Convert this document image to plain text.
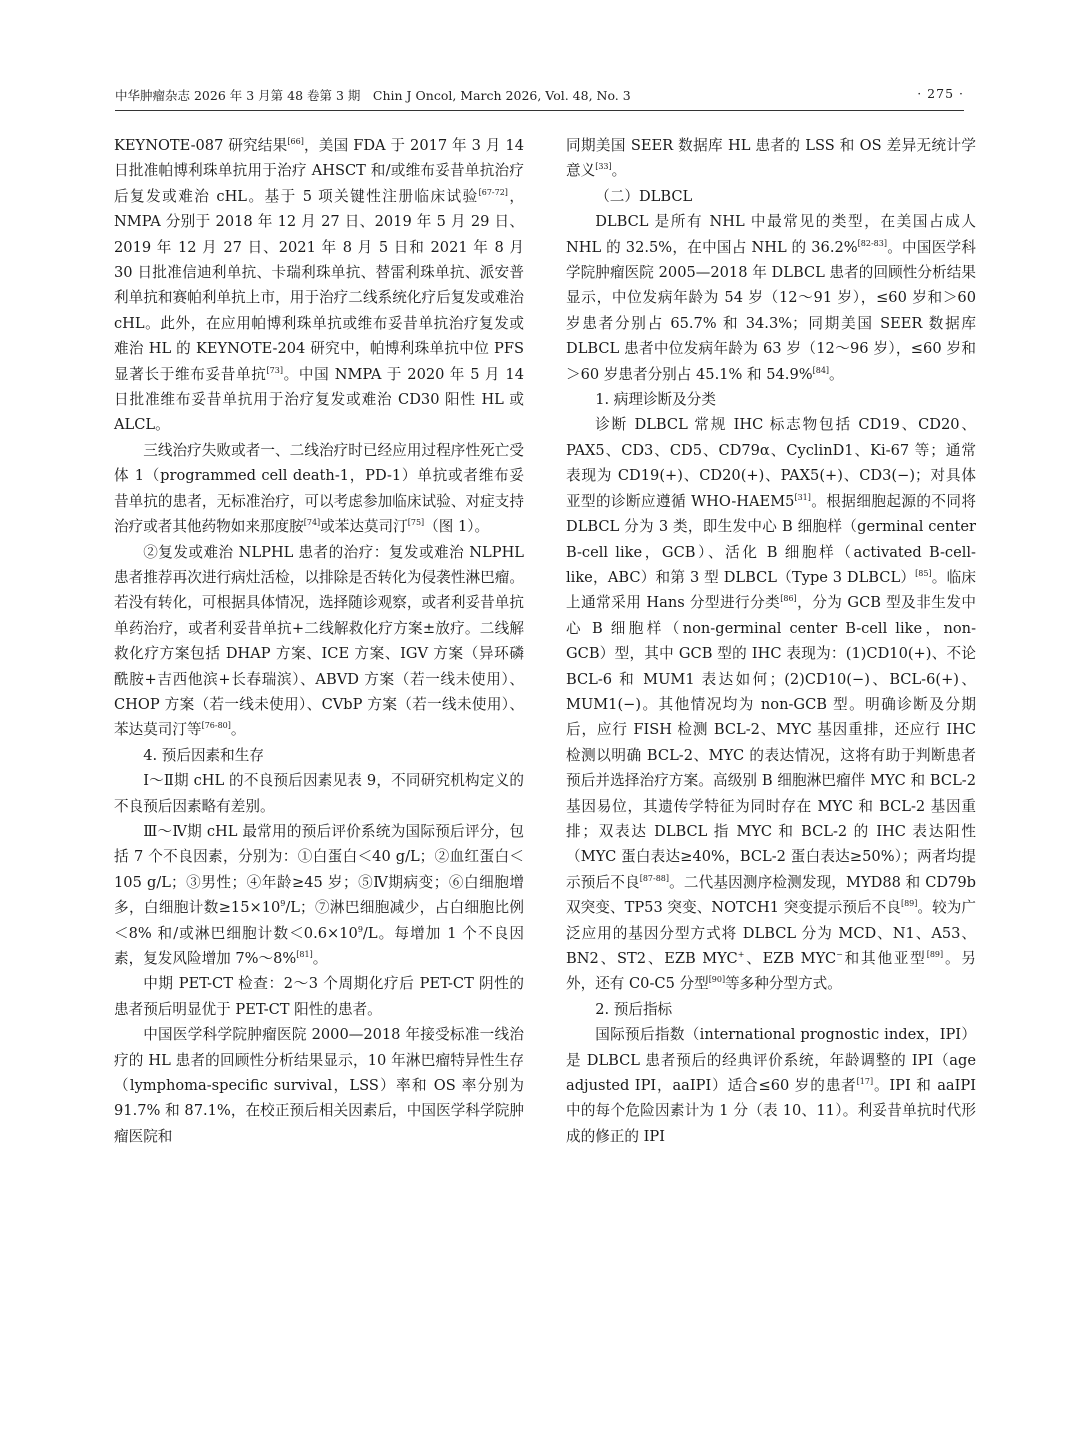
中华肿瘤杂志 2026 年 3 月第 48 卷第 3 期　Chin J Oncol, March 2026, Vol. 48, No. 3	· 275 ·

KEYNOTE-087 研究结果[66]，美国 FDA 于 2017 年 3 月 14 日批准帕博利珠单抗用于治疗 AHSCT 和/或维布妥昔单抗治疗后复发或难治 cHL。基于 5 项关键性注册临床试验[67-72]，NMPA 分别于 2018 年 12 月 27 日、2019 年 5 月 29 日、2019 年 12 月 27 日、2021 年 8 月 5 日和 2021 年 8 月 30 日批准信迪利单抗、卡瑞利珠单抗、替雷利珠单抗、派安普利单抗和赛帕利单抗上市，用于治疗二线系统化疗后复发或难治 cHL。此外，在应用帕博利珠单抗或维布妥昔单抗治疗复发或难治 HL 的 KEYNOTE-204 研究中，帕博利珠单抗中位 PFS 显著长于维布妥昔单抗[73]。中国 NMPA 于 2020 年 5 月 14 日批准维布妥昔单抗用于治疗复发或难治 CD30 阳性 HL 或 ALCL。

三线治疗失败或者一、二线治疗时已经应用过程序性死亡受体 1（programmed cell death-1，PD-1）单抗或者维布妥昔单抗的患者，无标准治疗，可以考虑参加临床试验、对症支持治疗或者其他药物如来那度胺[74]或苯达莫司汀[75]（图 1）。

②复发或难治 NLPHL 患者的治疗：复发或难治 NLPHL 患者推荐再次进行病灶活检，以排除是否转化为侵袭性淋巴瘤。若没有转化，可根据具体情况，选择随诊观察，或者利妥昔单抗单药治疗，或者利妥昔单抗+二线解救化疗方案±放疗。二线解救化疗方案包括 DHAP 方案、ICE 方案、IGV 方案（异环磷酰胺+吉西他滨+长春瑞滨）、ABVD 方案（若一线未使用）、CHOP 方案（若一线未使用）、CVbP 方案（若一线未使用）、苯达莫司汀等[76-80]。

4. 预后因素和生存

Ⅰ～Ⅱ期 cHL 的不良预后因素见表 9，不同研究机构定义的不良预后因素略有差别。

Ⅲ～Ⅳ期 cHL 最常用的预后评价系统为国际预后评分，包括 7 个不良因素，分别为：①白蛋白＜40 g/L；②血红蛋白＜105 g/L；③男性；④年龄≥45 岁；⑤Ⅳ期病变；⑥白细胞增多，白细胞计数$\ge 15\times 10^9/L$；⑦淋巴细胞减少，占白细胞比例＜8% 和/或淋巴细胞计数$<0.6\times 10^9/L$。每增加 1 个不良因素，复发风险增加 7%～8%[81]。

中期 PET-CT 检查：2～3 个周期化疗后 PET-CT 阴性的患者预后明显优于 PET-CT 阳性的患者。

中国医学科学院肿瘤医院 2000—2018 年接受标准一线治疗的 HL 患者的回顾性分析结果显示，10 年淋巴瘤特异性生存（lymphoma-specific survival，LSS）率和 OS 率分别为 91.7% 和 87.1%，在校正预后相关因素后，中国医学科学院肿瘤医院和

同期美国 SEER 数据库 HL 患者的 LSS 和 OS 差异无统计学意义[33]。

（二）DLBCL

DLBCL 是所有 NHL 中最常见的类型，在美国占成人 NHL 的 32.5%，在中国占 NHL 的 36.2%[82-83]。中国医学科学院肿瘤医院 2005—2018 年 DLBCL 患者的回顾性分析结果显示，中位发病年龄为 54 岁（12～91 岁），≤60 岁和＞60 岁患者分别占 65.7% 和 34.3%；同期美国 SEER 数据库 DLBCL 患者中位发病年龄为 63 岁（12～96 岁），≤60 岁和＞60 岁患者分别占 45.1% 和 54.9%[84]。

1. 病理诊断及分类

诊断 DLBCL 常规 IHC 标志物包括 CD19、CD20、PAX5、CD3、CD5、CD79α、CyclinD1、Ki-67 等；通常表现为 CD19(+)、CD20(+)、PAX5(+)、CD3(−)；对具体亚型的诊断应遵循 WHO-HAEM5[31]。根据细胞起源的不同将 DLBCL 分为 3 类，即生发中心 B 细胞样（germinal center B-cell like，GCB）、活化 B 细胞样（activated B-cell-like，ABC）和第 3 型 DLBCL（Type 3 DLBCL）[85]。临床上通常采用 Hans 分型进行分类[86]，分为 GCB 型及非生发中心 B 细胞样（non-germinal center B-cell like，non-GCB）型，其中 GCB 型的 IHC 表现为：(1)CD10(+)、不论 BCL-6 和 MUM1 表达如何；(2)CD10(−)、BCL-6(+)、MUM1(−)。其他情况均为 non-GCB 型。明确诊断及分期后，应行 FISH 检测 BCL-2、MYC 基因重排，还应行 IHC 检测以明确 BCL-2、MYC 的表达情况，这将有助于判断患者预后并选择治疗方案。高级别 B 细胞淋巴瘤伴 MYC 和 BCL-2 基因易位，其遗传学特征为同时存在 MYC 和 BCL-2 基因重排；双表达 DLBCL 指 MYC 和 BCL-2 的 IHC 表达阳性（MYC 蛋白表达≥40%，BCL-2 蛋白表达≥50%）；两者均提示预后不良[87-88]。二代基因测序检测发现，MYD88 和 CD79b 双突变、TP53 突变、NOTCH1 突变提示预后不良[89]。较为广泛应用的基因分型方式将 DLBCL 分为 MCD、N1、A53、BN2、ST2、EZB MYC+、EZB MYC−和其他亚型[89]。另外，还有 C0-C5 分型[90]等多种分型方式。

2. 预后指标

国际预后指数（international prognostic index，IPI）是 DLBCL 患者预后的经典评价系统，年龄调整的 IPI（age adjusted IPI，aaIPI）适合≤60 岁的患者[17]。IPI 和 aaIPI 中的每个危险因素计为 1 分（表 10、11）。利妥昔单抗时代形成的修正的 IPI
